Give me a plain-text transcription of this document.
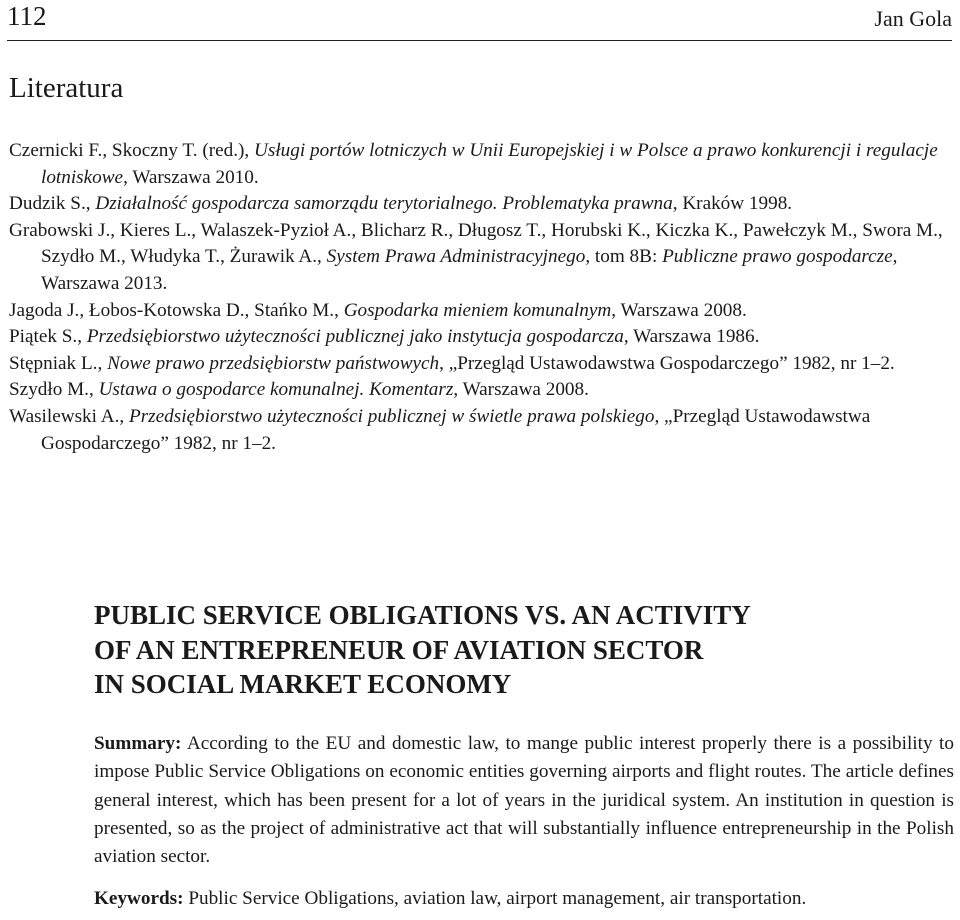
112	Jan Gola
Literatura

Czernicki F., Skoczny T. (red.), Usługi portów lotniczych w Unii Europejskiej i w Polsce a prawo konkurencji i regulacje lotniskowe, Warszawa 2010.

Dudzik S., Działalność gospodarcza samorządu terytorialnego. Problematyka prawna, Kraków 1998.

Grabowski J., Kieres L., Walaszek-Pyzioł A., Blicharz R., Długosz T., Horubski K., Kiczka K., Pawełczyk M., Swora M., Szydło M., Włudyka T., Żurawik A., System Prawa Administracyjnego, tom 8B: Publiczne prawo gospodarcze, Warszawa 2013.

Jagoda J., Łobos-Kotowska D., Stańko M., Gospodarka mieniem komunalnym, Warszawa 2008.

Piątek S., Przedsiębiorstwo użyteczności publicznej jako instytucja gospodarcza, Warszawa 1986.

Stępniak L., Nowe prawo przedsiębiorstw państwowych, „Przegląd Ustawodawstwa Gospodarczego” 1982, nr 1–2.

Szydło M., Ustawa o gospodarce komunalnej. Komentarz, Warszawa 2008.

Wasilewski A., Przedsiębiorstwo użyteczności publicznej w świetle prawa polskiego, „Przegląd Ustawodawstwa Gospodarczego” 1982, nr 1–2.

PUBLIC SERVICE OBLIGATIONS VS. AN ACTIVITY
OF AN ENTREPRENEUR OF AVIATION SECTOR
IN SOCIAL MARKET ECONOMY

Summary: According to the EU and domestic law, to mange public interest properly there is a possibility to impose Public Service Obligations on economic entities governing airports and flight routes. The article defines general interest, which has been present for a lot of years in the juridical system. An institution in question is presented, so as the project of administrative act that will substantially influence entrepreneurship in the Polish aviation sector.

Keywords: Public Service Obligations, aviation law, airport management, air transportation.
